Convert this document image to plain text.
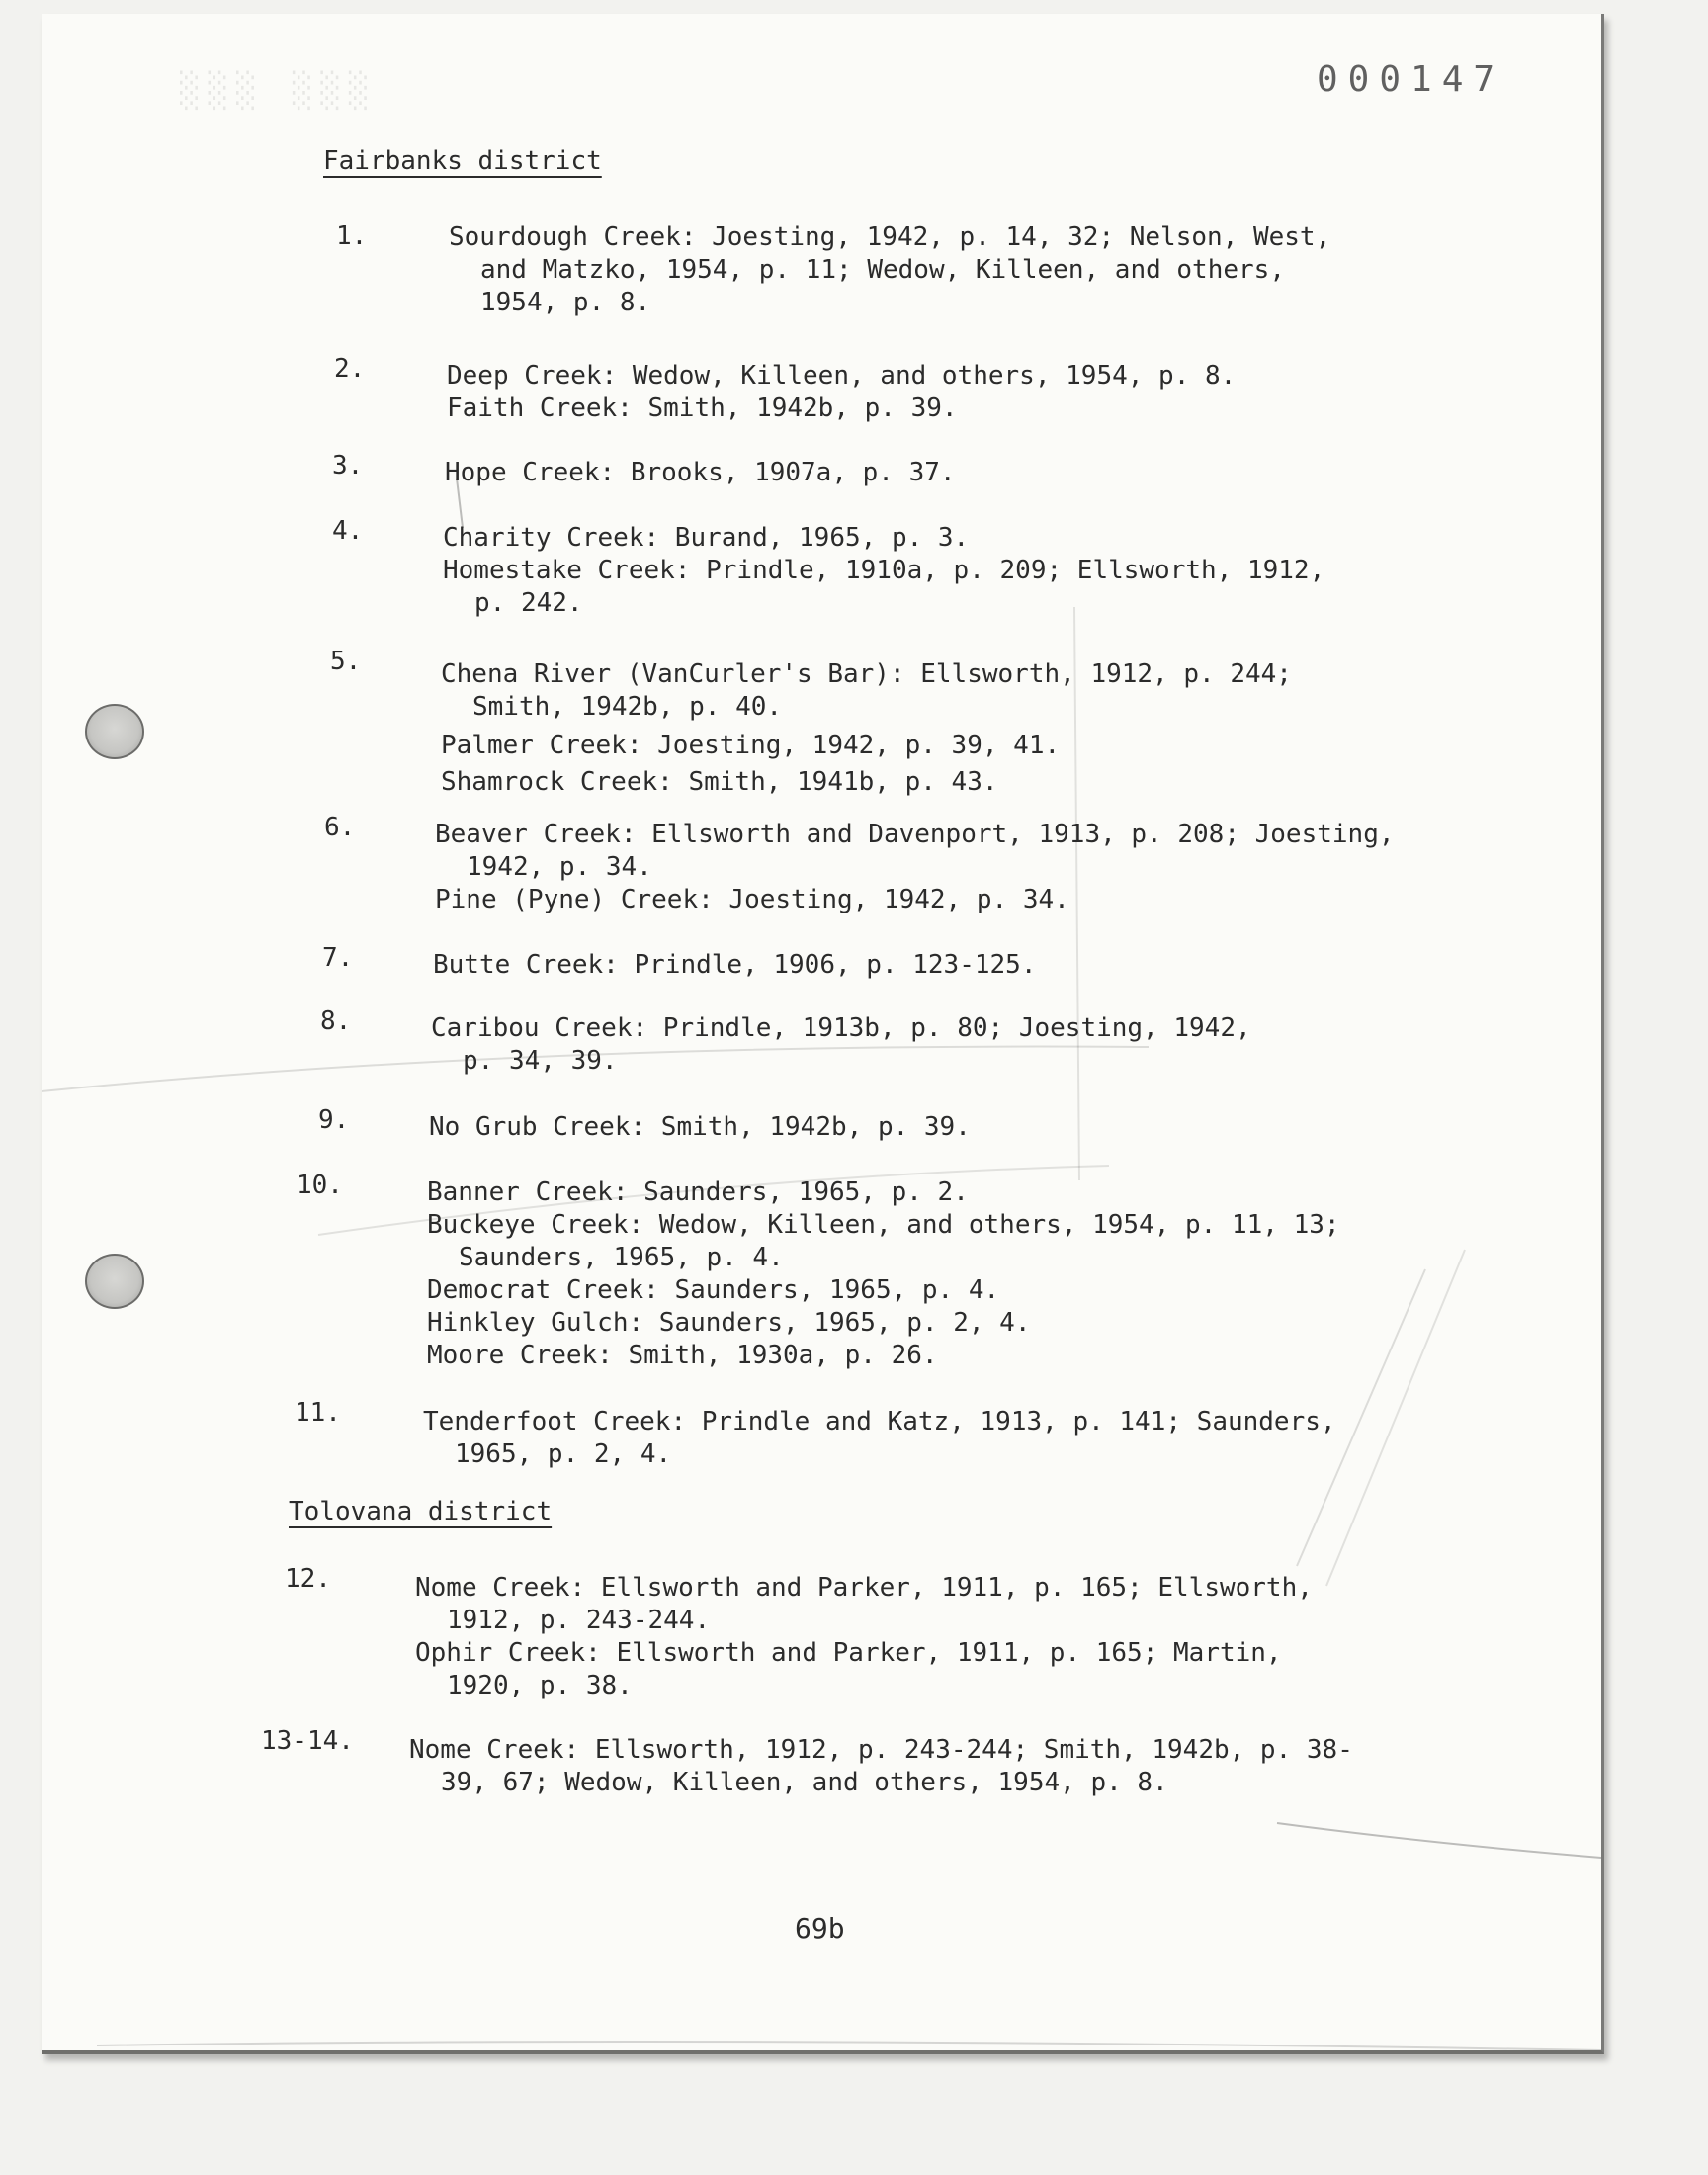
░░░ ░░░	000147
Fairbanks district
1.	Sourdough Creek: Joesting, 1942, p. 14, 32; Nelson, West,
and Matzko, 1954, p. 11; Wedow, Killeen, and others,
1954, p. 8.
2.	Deep Creek: Wedow, Killeen, and others, 1954, p. 8.
Faith Creek: Smith, 1942b, p. 39.
3.	Hope Creek: Brooks, 1907a, p. 37.
4.	Charity Creek: Burand, 1965, p. 3.
Homestake Creek: Prindle, 1910a, p. 209; Ellsworth, 1912,
p. 242.
5.	Chena River (VanCurler's Bar): Ellsworth, 1912, p. 244;
Smith, 1942b, p. 40.
Palmer Creek: Joesting, 1942, p. 39, 41.
Shamrock Creek: Smith, 1941b, p. 43.
6.	Beaver Creek: Ellsworth and Davenport, 1913, p. 208; Joesting,
1942, p. 34.
Pine (Pyne) Creek: Joesting, 1942, p. 34.
7.	Butte Creek: Prindle, 1906, p. 123-125.
8.	Caribou Creek: Prindle, 1913b, p. 80; Joesting, 1942,
p. 34, 39.
9.	No Grub Creek: Smith, 1942b, p. 39.
10.	Banner Creek: Saunders, 1965, p. 2.
Buckeye Creek: Wedow, Killeen, and others, 1954, p. 11, 13;
Saunders, 1965, p. 4.
Democrat Creek: Saunders, 1965, p. 4.
Hinkley Gulch: Saunders, 1965, p. 2, 4.
Moore Creek: Smith, 1930a, p. 26.
11.	Tenderfoot Creek: Prindle and Katz, 1913, p. 141; Saunders,
1965, p. 2, 4.
Tolovana district
12.	Nome Creek: Ellsworth and Parker, 1911, p. 165; Ellsworth,
1912, p. 243-244.
Ophir Creek: Ellsworth and Parker, 1911, p. 165; Martin,
1920, p. 38.
13-14. Nome Creek: Ellsworth, 1912, p. 243-244; Smith, 1942b, p. 38-
39, 67; Wedow, Killeen, and others, 1954, p. 8.
69b
